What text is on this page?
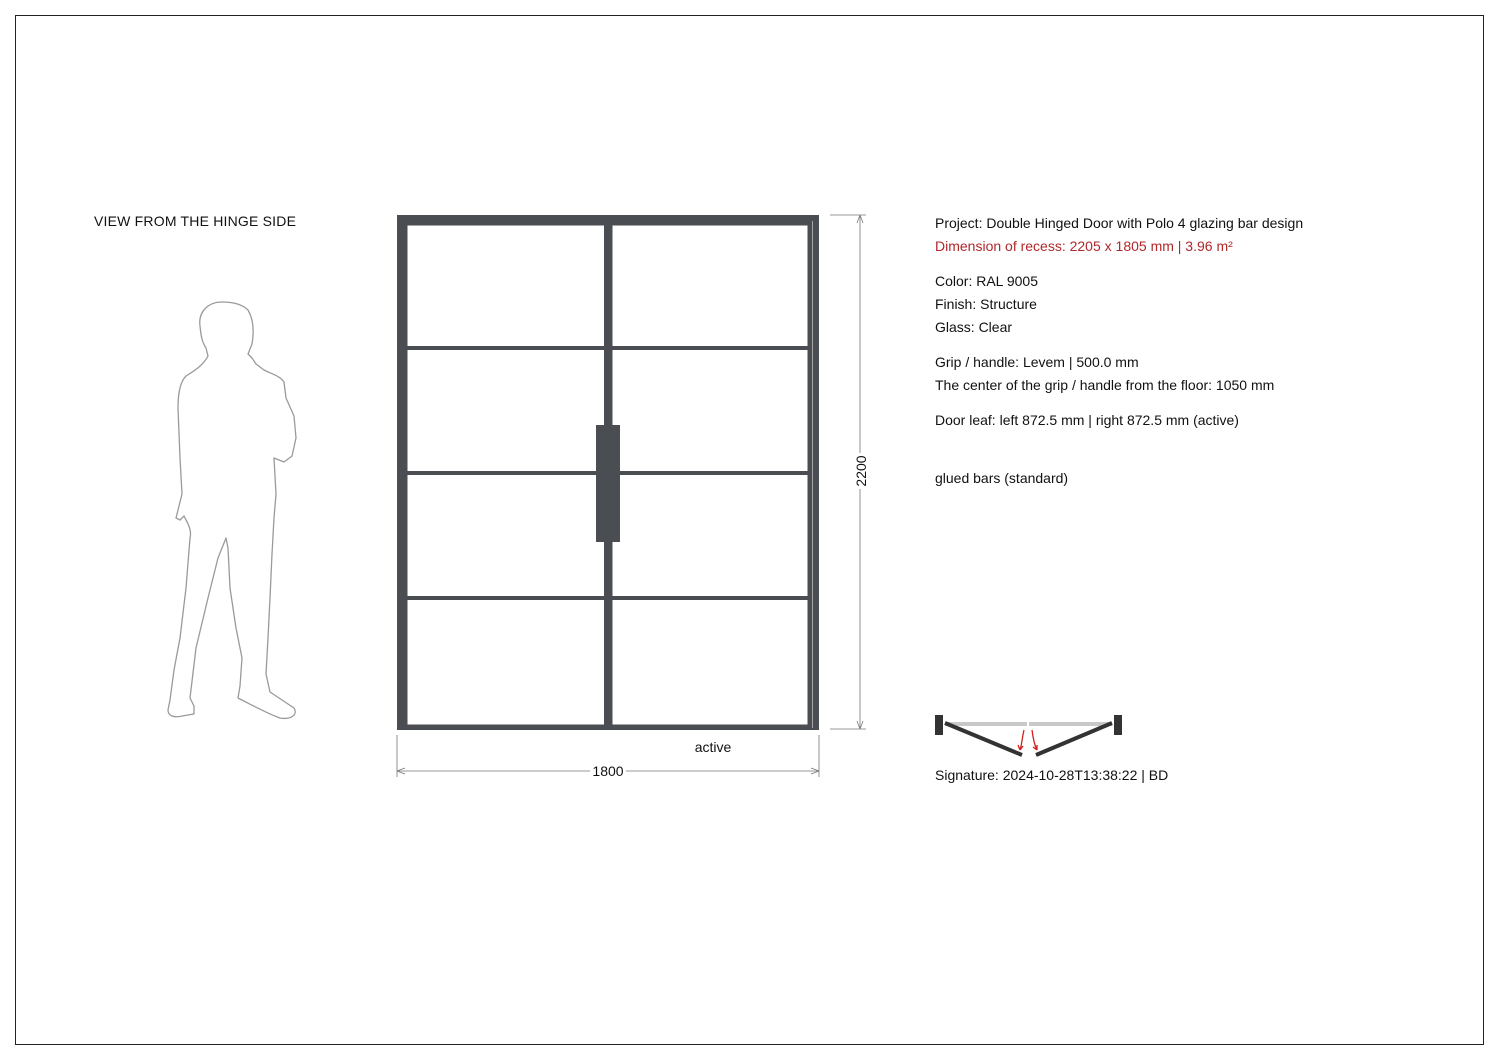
VIEW FROM THE HINGE SIDE
2200
1800
active
Project: Double Hinged Door with Polo 4 glazing bar design
Dimension of recess: 2205 x 1805 mm | 3.96 m²
Color: RAL 9005
Finish: Structure
Glass: Clear
Grip / handle: Levem | 500.0 mm
The center of the grip / handle from the floor: 1050 mm
Door leaf: left 872.5 mm | right 872.5 mm (active)
glued bars (standard)
Signature: 2024-10-28T13:38:22 | BD
